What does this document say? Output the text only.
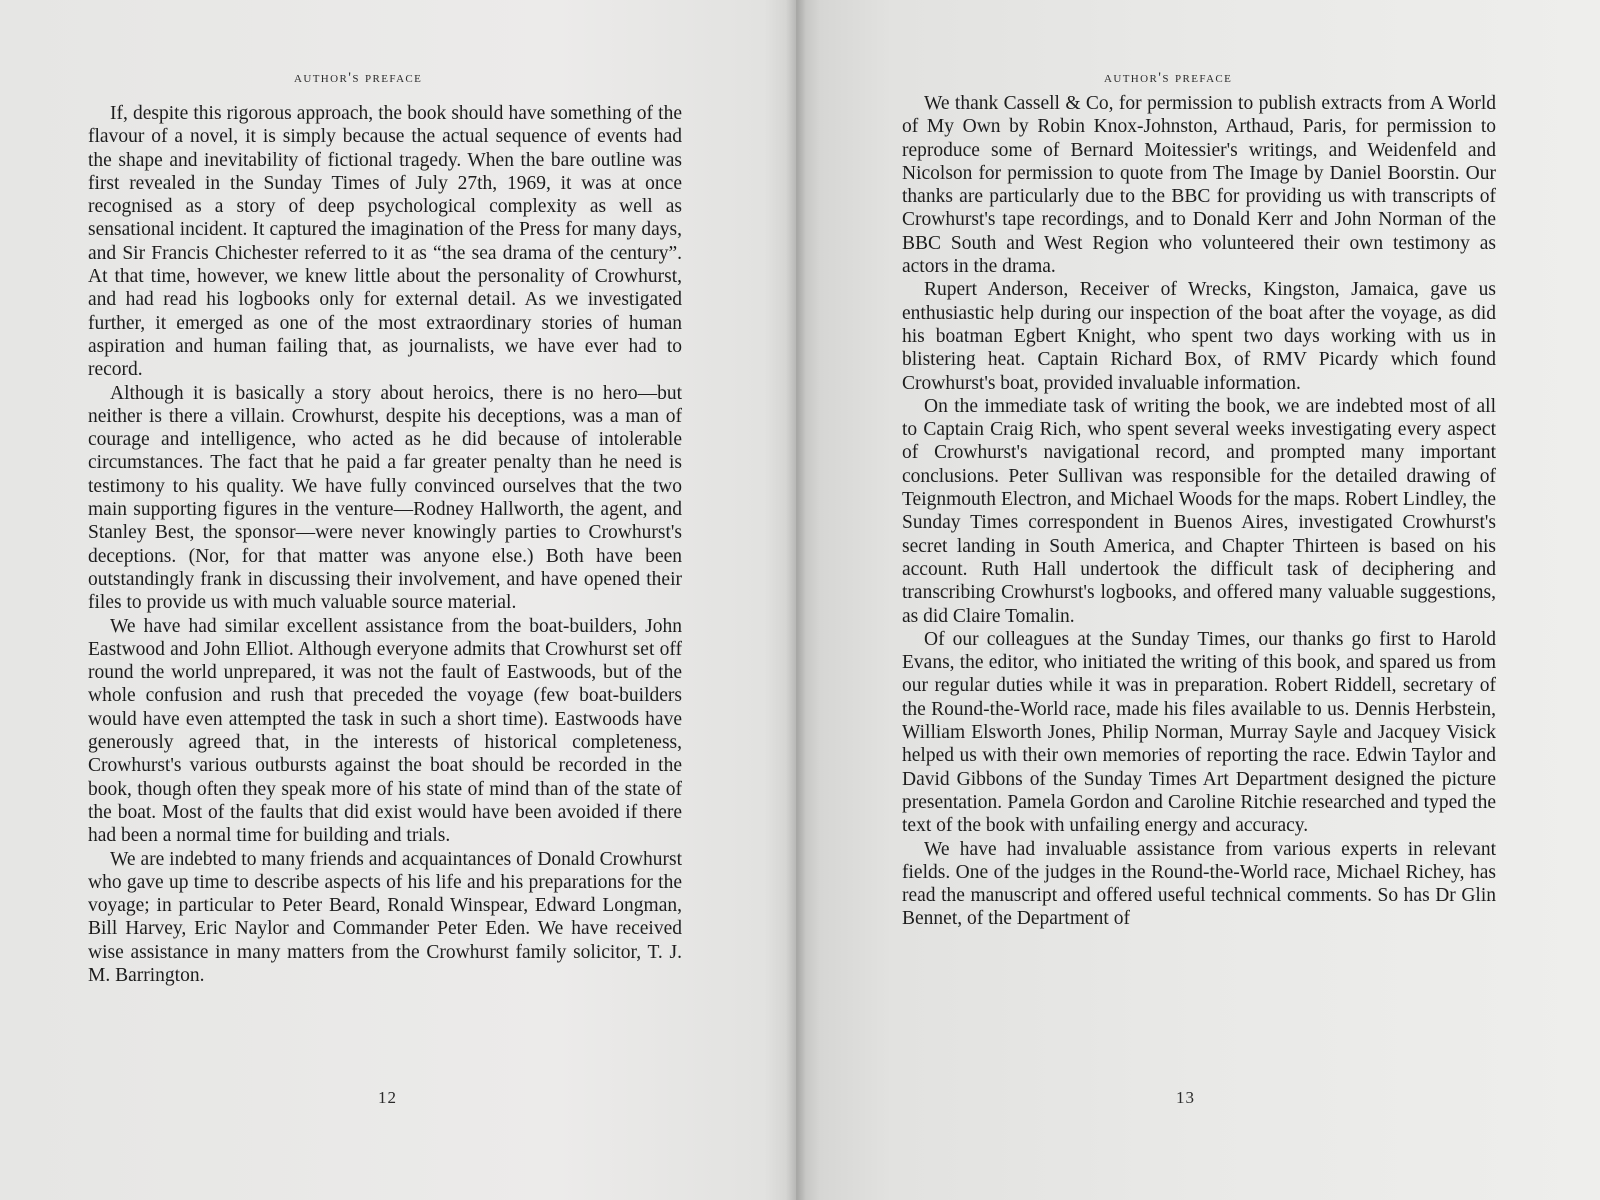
author's preface

If, despite this rigorous approach, the book should have something of the flavour of a novel, it is simply because the actual sequence of events had the shape and inevitability of fictional tragedy. When the bare outline was first revealed in the Sunday Times of July 27th, 1969, it was at once recognised as a story of deep psychological complexity as well as sensational incident. It captured the imagination of the Press for many days, and Sir Francis Chichester referred to it as “the sea drama of the century”. At that time, however, we knew little about the personality of Crowhurst, and had read his logbooks only for external detail. As we investigated further, it emerged as one of the most extraordinary stories of human aspiration and human failing that, as journalists, we have ever had to record.

Although it is basically a story about heroics, there is no hero—but neither is there a villain. Crowhurst, despite his deceptions, was a man of courage and intelligence, who acted as he did because of intolerable circumstances. The fact that he paid a far greater penalty than he need is testimony to his quality. We have fully convinced ourselves that the two main supporting figures in the venture—Rodney Hallworth, the agent, and Stanley Best, the sponsor—were never knowingly parties to Crowhurst's deceptions. (Nor, for that matter was anyone else.) Both have been outstandingly frank in discussing their involvement, and have opened their files to provide us with much valuable source material.

We have had similar excellent assistance from the boat-builders, John Eastwood and John Elliot. Although everyone admits that Crowhurst set off round the world unprepared, it was not the fault of Eastwoods, but of the whole confusion and rush that preceded the voyage (few boat-builders would have even attempted the task in such a short time). Eastwoods have generously agreed that, in the interests of historical completeness, Crowhurst's various outbursts against the boat should be recorded in the book, though often they speak more of his state of mind than of the state of the boat. Most of the faults that did exist would have been avoided if there had been a normal time for building and trials.

We are indebted to many friends and acquaintances of Donald Crowhurst who gave up time to describe aspects of his life and his preparations for the voyage; in particular to Peter Beard, Ronald Winspear, Edward Longman, Bill Harvey, Eric Naylor and Commander Peter Eden. We have received wise assistance in many matters from the Crowhurst family solicitor, T. J. M. Barrington.

12
author's preface

We thank Cassell & Co, for permission to publish extracts from A World of My Own by Robin Knox-Johnston, Arthaud, Paris, for permission to reproduce some of Bernard Moitessier's writings, and Weidenfeld and Nicolson for permission to quote from The Image by Daniel Boorstin. Our thanks are particularly due to the BBC for providing us with transcripts of Crowhurst's tape recordings, and to Donald Kerr and John Norman of the BBC South and West Region who volunteered their own testimony as actors in the drama.

Rupert Anderson, Receiver of Wrecks, Kingston, Jamaica, gave us enthusiastic help during our inspection of the boat after the voyage, as did his boatman Egbert Knight, who spent two days working with us in blistering heat. Captain Richard Box, of RMV Picardy which found Crowhurst's boat, provided invaluable information.

On the immediate task of writing the book, we are indebted most of all to Captain Craig Rich, who spent several weeks investigating every aspect of Crowhurst's navigational record, and prompted many important conclusions. Peter Sullivan was responsible for the detailed drawing of Teignmouth Electron, and Michael Woods for the maps. Robert Lindley, the Sunday Times correspondent in Buenos Aires, investigated Crowhurst's secret landing in South America, and Chapter Thirteen is based on his account. Ruth Hall undertook the difficult task of deciphering and transcribing Crowhurst's logbooks, and offered many valuable suggestions, as did Claire Tomalin.

Of our colleagues at the Sunday Times, our thanks go first to Harold Evans, the editor, who initiated the writing of this book, and spared us from our regular duties while it was in preparation. Robert Riddell, secretary of the Round-the-World race, made his files available to us. Dennis Herbstein, William Elsworth Jones, Philip Norman, Murray Sayle and Jacquey Visick helped us with their own memories of reporting the race. Edwin Taylor and David Gibbons of the Sunday Times Art Department designed the picture presentation. Pamela Gordon and Caroline Ritchie researched and typed the text of the book with unfailing energy and accuracy.

We have had invaluable assistance from various experts in relevant fields. One of the judges in the Round-the-World race, Michael Richey, has read the manuscript and offered useful technical comments. So has Dr Glin Bennet, of the Department of

13
